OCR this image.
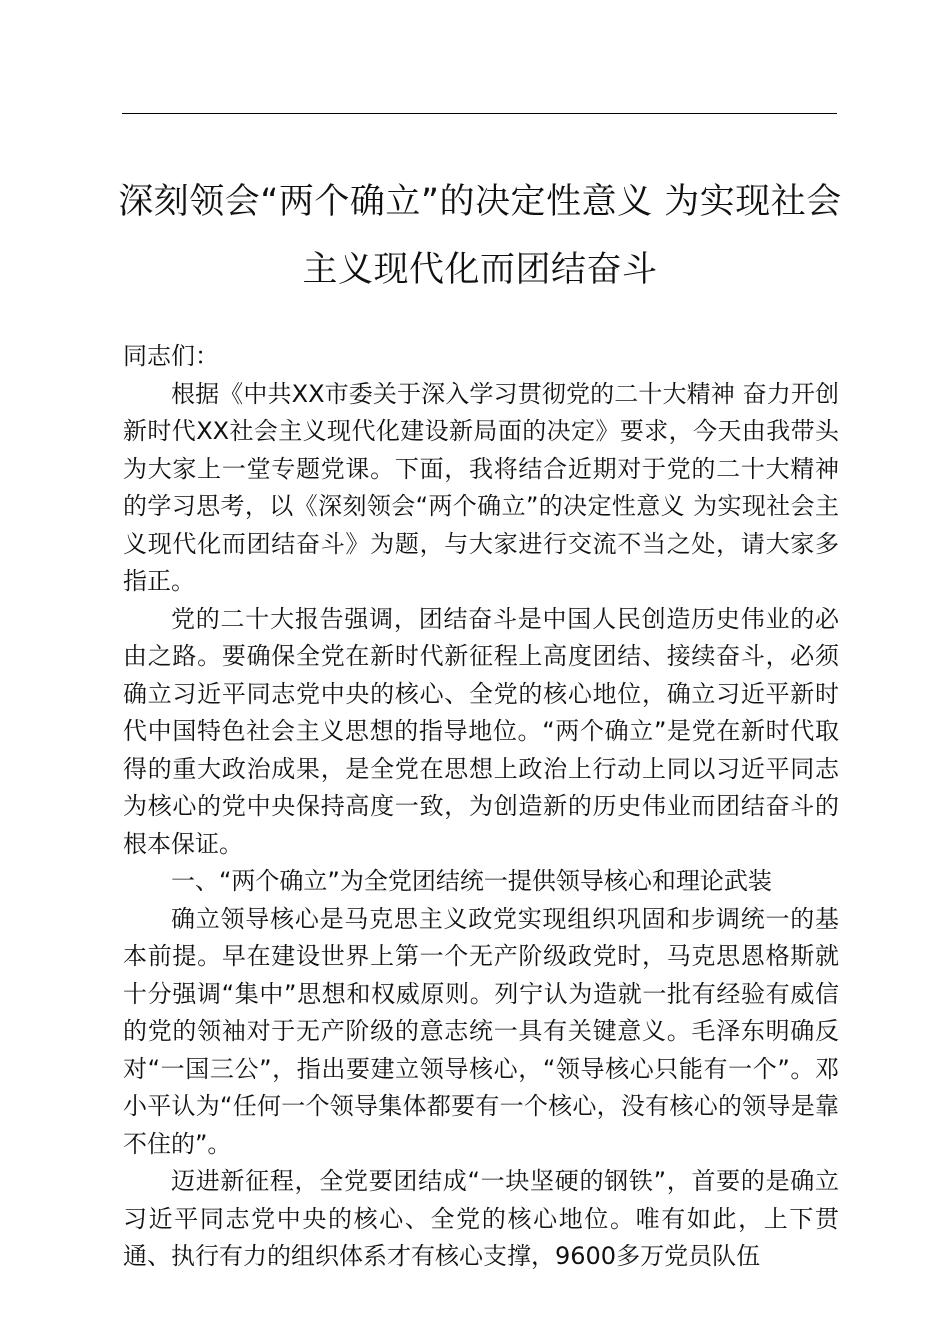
深刻领会“两个确立”的决定性意义 为实现社会
主义现代化而团结奋斗

同志们：

根据《中共XX市委关于深入学习贯彻党的二十大精神 奋力开创新时代XX社会主义现代化建设新局面的决定》要求，今天由我带头为大家上一堂专题党课。下面，我将结合近期对于党的二十大精神的学习思考，以《深刻领会“两个确立”的决定性意义 为实现社会主义现代化而团结奋斗》为题，与大家进行交流不当之处，请大家多指正。

党的二十大报告强调，团结奋斗是中国人民创造历史伟业的必由之路。要确保全党在新时代新征程上高度团结、接续奋斗，必须确立习近平同志党中央的核心、全党的核心地位，确立习近平新时代中国特色社会主义思想的指导地位。“两个确立”是党在新时代取得的重大政治成果，是全党在思想上政治上行动上同以习近平同志为核心的党中央保持高度一致，为创造新的历史伟业而团结奋斗的根本保证。

一、“两个确立”为全党团结统一提供领导核心和理论武装

确立领导核心是马克思主义政党实现组织巩固和步调统一的基本前提。早在建设世界上第一个无产阶级政党时，马克思恩格斯就十分强调“集中”思想和权威原则。列宁认为造就一批有经验有威信的党的领袖对于无产阶级的意志统一具有关键意义。毛泽东明确反对“一国三公”，指出要建立领导核心，“领导核心只能有一个”。邓小平认为“任何一个领导集体都要有一个核心，没有核心的领导是靠不住的”。

迈进新征程，全党要团结成“一块坚硬的钢铁”，首要的是确立习近平同志党中央的核心、全党的核心地位。唯有如此，上下贯通、执行有力的组织体系才有核心支撑，9600多万党员队伍
